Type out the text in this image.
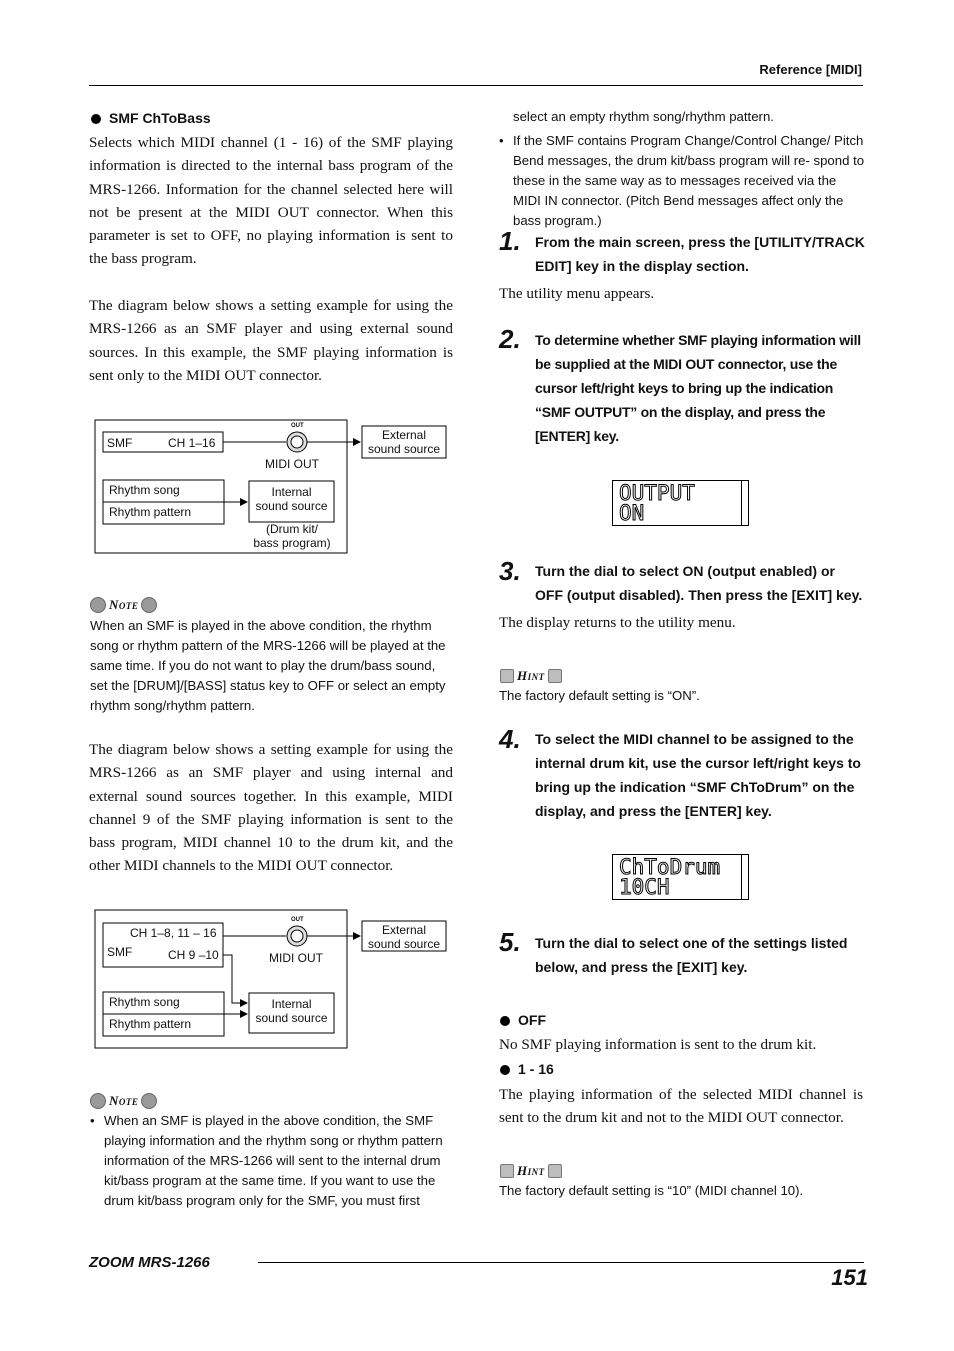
Reference [MIDI]
SMF ChToBass
Selects which MIDI channel (1 - 16) of the SMF playing information is directed to the internal bass program of the MRS-1266. Information for the channel selected here will not be present at the MIDI OUT connector. When this parameter is set to OFF, no playing information is sent to the bass program.
The diagram below shows a setting example for using the MRS-1266 as an SMF player and using external sound sources. In this example, the SMF playing information is sent only to the MIDI OUT connector.
SMF	CH 1–16
OUT
MIDI OUT
External
sound source
Rhythm song
Rhythm pattern
Internal
sound source
(Drum kit/
bass program)
Note
When an SMF is played in the above condition, the rhythm song or rhythm pattern of the MRS-1266 will be played at the same time. If you do not want to play the drum/bass sound, set the [DRUM]/[BASS] status key to OFF or select an empty rhythm song/rhythm pattern.
The diagram below shows a setting example for using the MRS-1266 as an SMF player and using internal and external sound sources together. In this example, MIDI channel 9 of the SMF playing information is sent to the bass program, MIDI channel 10 to the drum kit, and the other MIDI channels to the MIDI OUT connector.
CH 1–8, 11 – 16
SMF	CH 9 –10
OUT
MIDI OUT
External
sound source
Rhythm song
Rhythm pattern
Internal
sound source
Note
When an SMF is played in the above condition, the SMF playing information and the rhythm song or rhythm pattern information of the MRS-1266 will sent to the internal drum kit/bass program at the same time. If you want to use the drum kit/bass program only for the SMF, you must first
•
select an empty rhythm song/rhythm pattern.
• If the SMF contains Program Change/Control Change/ Pitch Bend messages, the drum kit/bass program will re- spond to these in the same way as to messages received via the MIDI IN connector. (Pitch Bend messages affect only the bass program.)
1. From the main screen, press the [UTILITY/TRACK EDIT] key in the display section.
The utility menu appears.
2. To determine whether SMF playing information will be supplied at the MIDI OUT connector, use the cursor left/right keys to bring up the indication “SMF OUTPUT” on the display, and press the [ENTER] key.
OUTPUT
ON
3. Turn the dial to select ON (output enabled) or OFF (output disabled). Then press the [EXIT] key.
The display returns to the utility menu.
Hint
The factory default setting is “ON”.
4. To select the MIDI channel to be assigned to the internal drum kit, use the cursor left/right keys to bring up the indication “SMF ChToDrum” on the display, and press the [ENTER] key.
ChToDrum
10CH
5. Turn the dial to select one of the settings listed below, and press the [EXIT] key.
OFF
No SMF playing information is sent to the drum kit.
1 - 16
The playing information of the selected MIDI channel is sent to the drum kit and not to the MIDI OUT connector.
Hint
The factory default setting is “10” (MIDI channel 10).
ZOOM MRS-1266
151
